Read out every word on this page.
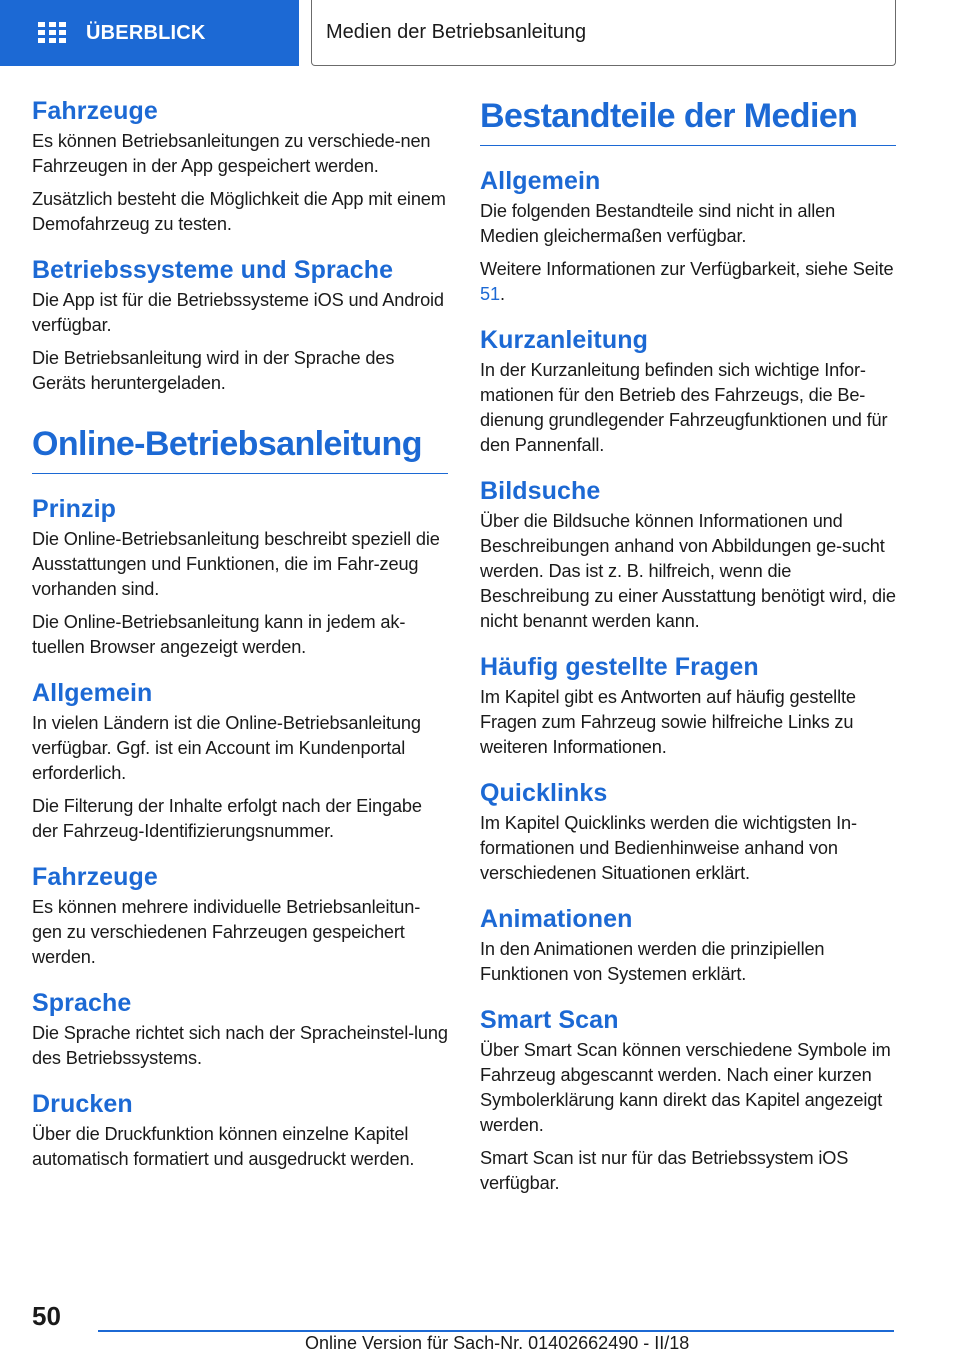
ÜBERBLICK	Medien der Betriebsanleitung
Fahrzeuge

Es können Betriebsanleitungen zu verschiede‐nen Fahrzeugen in der App gespeichert werden.

Zusätzlich besteht die Möglichkeit die App mit einem Demofahrzeug zu testen.

Betriebssysteme und Sprache

Die App ist für die Betriebssysteme iOS und Android verfügbar.

Die Betriebsanleitung wird in der Sprache des Geräts heruntergeladen.

Online-Betriebsanleitung
Prinzip

Die Online-Betriebsanleitung beschreibt speziell die Ausstattungen und Funktionen, die im Fahr‐zeug vorhanden sind.

Die Online-Betriebsanleitung kann in jedem ak‐tuellen Browser angezeigt werden.

Allgemein

In vielen Ländern ist die Online-Betriebsanleitung verfügbar. Ggf. ist ein Account im Kundenportal erforderlich.

Die Filterung der Inhalte erfolgt nach der Eingabe der Fahrzeug-Identifizierungsnummer.

Fahrzeuge

Es können mehrere individuelle Betriebsanleitun‐gen zu verschiedenen Fahrzeugen gespeichert werden.

Sprache

Die Sprache richtet sich nach der Spracheinstel‐lung des Betriebssystems.

Drucken

Über die Druckfunktion können einzelne Kapitel automatisch formatiert und ausgedruckt werden.

Bestandteile der Medien
Allgemein

Die folgenden Bestandteile sind nicht in allen Medien gleichermaßen verfügbar.

Weitere Informationen zur Verfügbarkeit, siehe Seite 51.

Kurzanleitung

In der Kurzanleitung befinden sich wichtige Infor‐mationen für den Betrieb des Fahrzeugs, die Be‐dienung grundlegender Fahrzeugfunktionen und für den Pannenfall.

Bildsuche

Über die Bildsuche können Informationen und Beschreibungen anhand von Abbildungen ge‐sucht werden. Das ist z. B. hilfreich, wenn die Beschreibung zu einer Ausstattung benötigt wird, die nicht benannt werden kann.

Häufig gestellte Fragen

Im Kapitel gibt es Antworten auf häufig gestellte Fragen zum Fahrzeug sowie hilfreiche Links zu weiteren Informationen.

Quicklinks

Im Kapitel Quicklinks werden die wichtigsten In‐formationen und Bedienhinweise anhand von verschiedenen Situationen erklärt.

Animationen

In den Animationen werden die prinzipiellen Funktionen von Systemen erklärt.

Smart Scan

Über Smart Scan können verschiedene Symbole im Fahrzeug abgescannt werden. Nach einer kurzen Symbolerklärung kann direkt das Kapitel angezeigt werden.

Smart Scan ist nur für das Betriebssystem iOS verfügbar.

50
Online Version für Sach-Nr. 01402662490 - II/18
